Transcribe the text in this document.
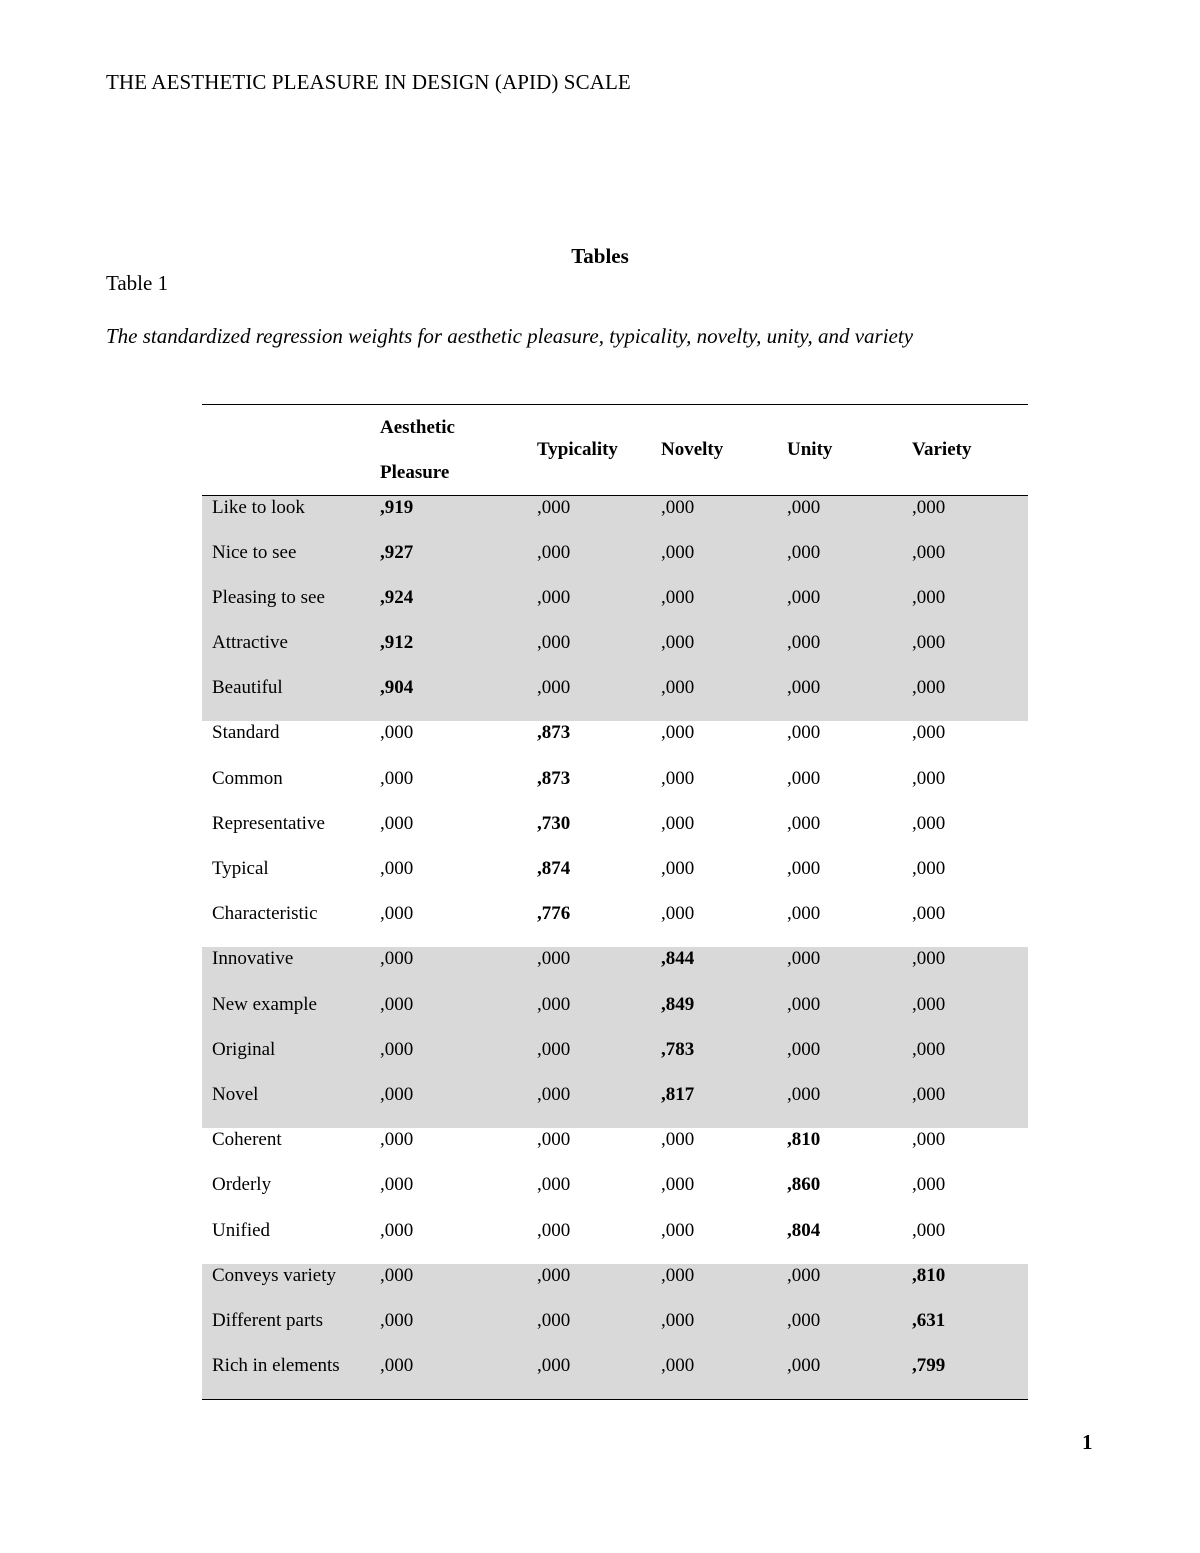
THE AESTHETIC PLEASURE IN DESIGN (APID) SCALE
Tables
Table 1
The standardized regression weights for aesthetic pleasure, typicality, novelty, unity, and variety
	Aesthetic
Pleasure	Typicality	Novelty	Unity	Variety
Like to look	,919	,000	,000	,000	,000
Nice to see	,927	,000	,000	,000	,000
Pleasing to see	,924	,000	,000	,000	,000
Attractive	,912	,000	,000	,000	,000
Beautiful	,904	,000	,000	,000	,000
Standard	,000	,873	,000	,000	,000
Common	,000	,873	,000	,000	,000
Representative	,000	,730	,000	,000	,000
Typical	,000	,874	,000	,000	,000
Characteristic	,000	,776	,000	,000	,000
Innovative	,000	,000	,844	,000	,000
New example	,000	,000	,849	,000	,000
Original	,000	,000	,783	,000	,000
Novel	,000	,000	,817	,000	,000
Coherent	,000	,000	,000	,810	,000
Orderly	,000	,000	,000	,860	,000
Unified	,000	,000	,000	,804	,000
Conveys variety	,000	,000	,000	,000	,810
Different parts	,000	,000	,000	,000	,631
Rich in elements	,000	,000	,000	,000	,799
1
